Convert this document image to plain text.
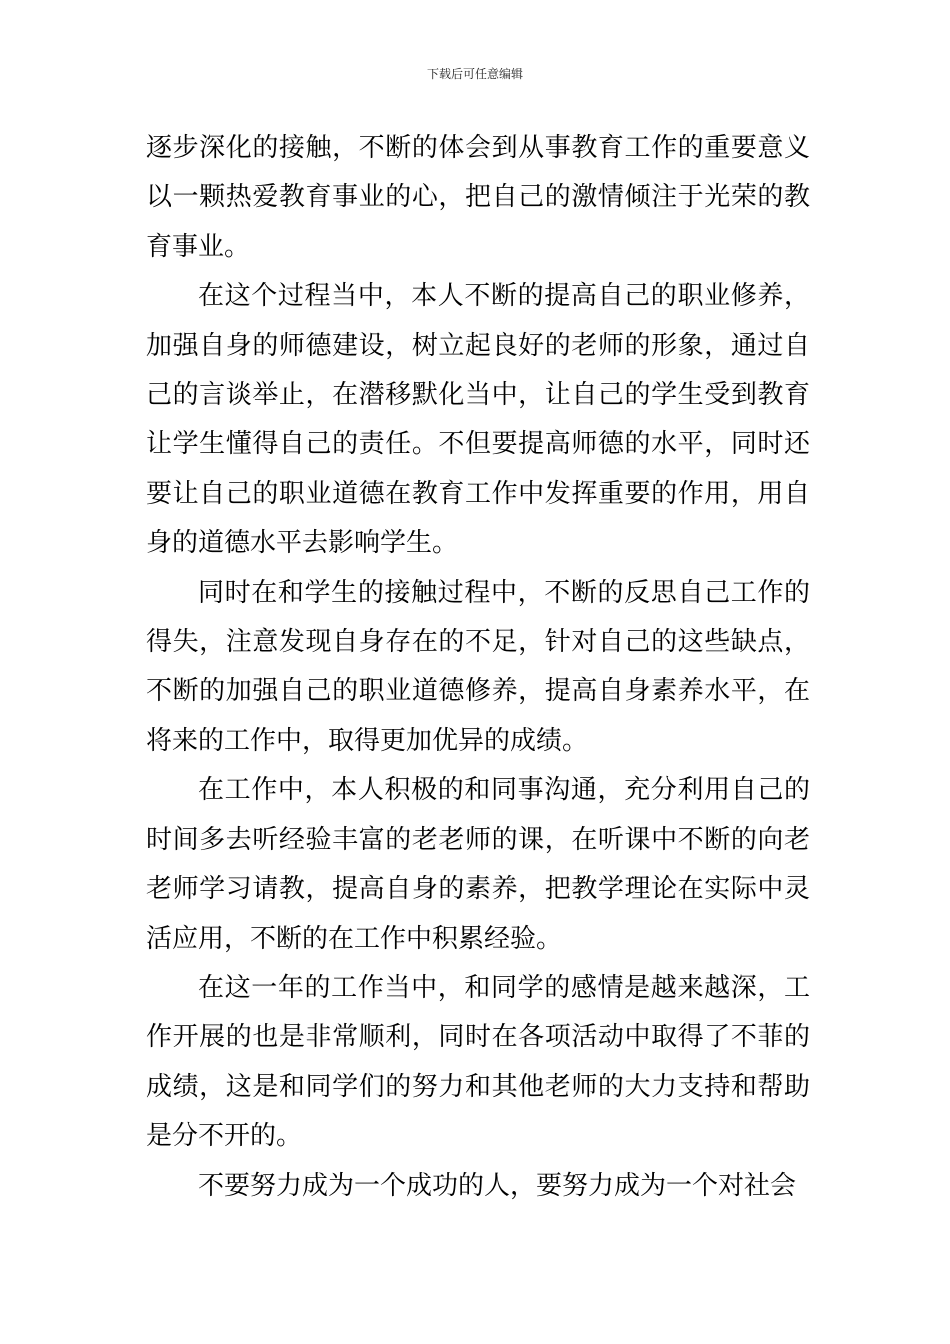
下载后可任意编辑

逐步深化的接触，不断的体会到从事教育工作的重要意义以一颗热爱教育事业的心，把自己的激情倾注于光荣的教育事业。

在这个过程当中，本人不断的提高自己的职业修养，加强自身的师德建设，树立起良好的老师的形象，通过自己的言谈举止，在潜移默化当中，让自己的学生受到教育让学生懂得自己的责任。不但要提高师德的水平，同时还要让自己的职业道德在教育工作中发挥重要的作用，用自身的道德水平去影响学生。

同时在和学生的接触过程中，不断的反思自己工作的得失，注意发现自身存在的不足，针对自己的这些缺点，不断的加强自己的职业道德修养，提高自身素养水平，在将来的工作中，取得更加优异的成绩。

在工作中，本人积极的和同事沟通，充分利用自己的时间多去听经验丰富的老老师的课，在听课中不断的向老老师学习请教，提高自身的素养，把教学理论在实际中灵活应用，不断的在工作中积累经验。

在这一年的工作当中，和同学的感情是越来越深，工作开展的也是非常顺利，同时在各项活动中取得了不菲的成绩，这是和同学们的努力和其他老师的大力支持和帮助是分不开的。

不要努力成为一个成功的人，要努力成为一个对社会
